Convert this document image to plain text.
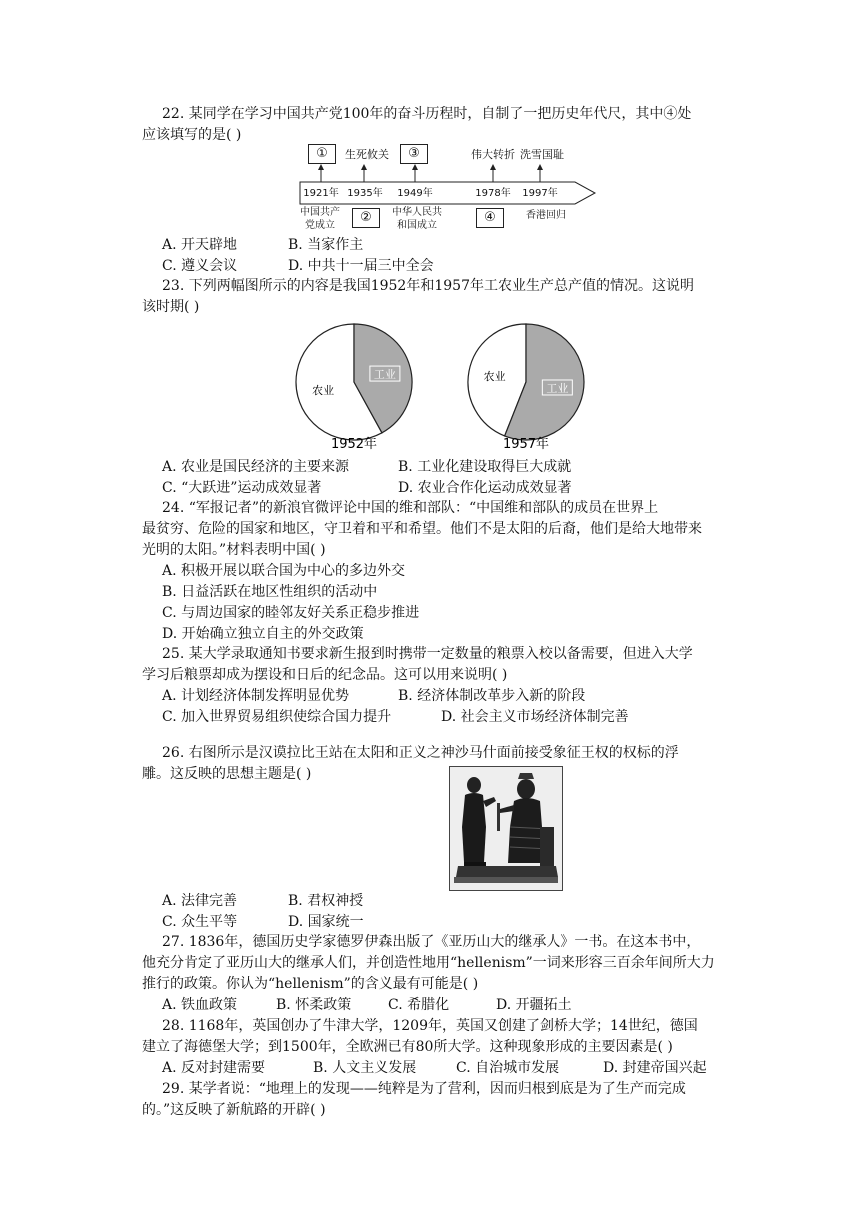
22. 某同学在学习中国共产党100年的奋斗历程时，自制了一把历史年代尺，其中④处
应该填写的是( )
①	生死攸关	③	伟大转折 洗雪国耻
1921年 1935年	1949年	1978年	1997年
中国共产
党成立
②	中华人民共
和国成立
④	香港回归
A. 开天辟地	B. 当家作主
C. 遵义会议	D. 中共十一届三中全会
23. 下列两幅图所示的内容是我国1952年和1957年工农业生产总产值的情况。这说明
该时期( )
农业
工业
1952年
农业
工业
1957年
A. 农业是国民经济的主要来源	B. 工业化建设取得巨大成就
C. “大跃进”运动成效显著	D. 农业合作化运动成效显著
24. “军报记者”的新浪官微评论中国的维和部队：“中国维和部队的成员在世界上
最贫穷、危险的国家和地区，守卫着和平和希望。他们不是太阳的后裔，他们是给大地带来
光明的太阳。”材料表明中国( )
A. 积极开展以联合国为中心的多边外交
B. 日益活跃在地区性组织的活动中
C. 与周边国家的睦邻友好关系正稳步推进
D. 开始确立独立自主的外交政策
25. 某大学录取通知书要求新生报到时携带一定数量的粮票入校以备需要，但进入大学
学习后粮票却成为摆设和日后的纪念品。这可以用来说明( )
A. 计划经济体制发挥明显优势	B. 经济体制改革步入新的阶段
C. 加入世界贸易组织使综合国力提升	D. 社会主义市场经济体制完善
26. 右图所示是汉谟拉比王站在太阳和正义之神沙马什面前接受象征王权的权标的浮
雕。这反映的思想主题是( )
A. 法律完善	B. 君权神授
C. 众生平等	D. 国家统一
27. 1836年，德国历史学家德罗伊森出版了《亚历山大的继承人》一书。在这本书中，
他充分肯定了亚历山大的继承人们，并创造性地用“hellenism”一词来形容三百余年间所大力
推行的政策。你认为“hellenism”的含义最有可能是( )
A. 铁血政策	B. 怀柔政策	C. 希腊化	D. 开疆拓土
28. 1168年，英国创办了牛津大学，1209年，英国又创建了剑桥大学；14世纪，德国
建立了海德堡大学；到1500年，全欧洲已有80所大学。这种现象形成的主要因素是( )
A. 反对封建需要	B. 人文主义发展	C. 自治城市发展	D. 封建帝国兴起
29. 某学者说：“地理上的发现——纯粹是为了营利，因而归根到底是为了生产而完成
的。”这反映了新航路的开辟( )
